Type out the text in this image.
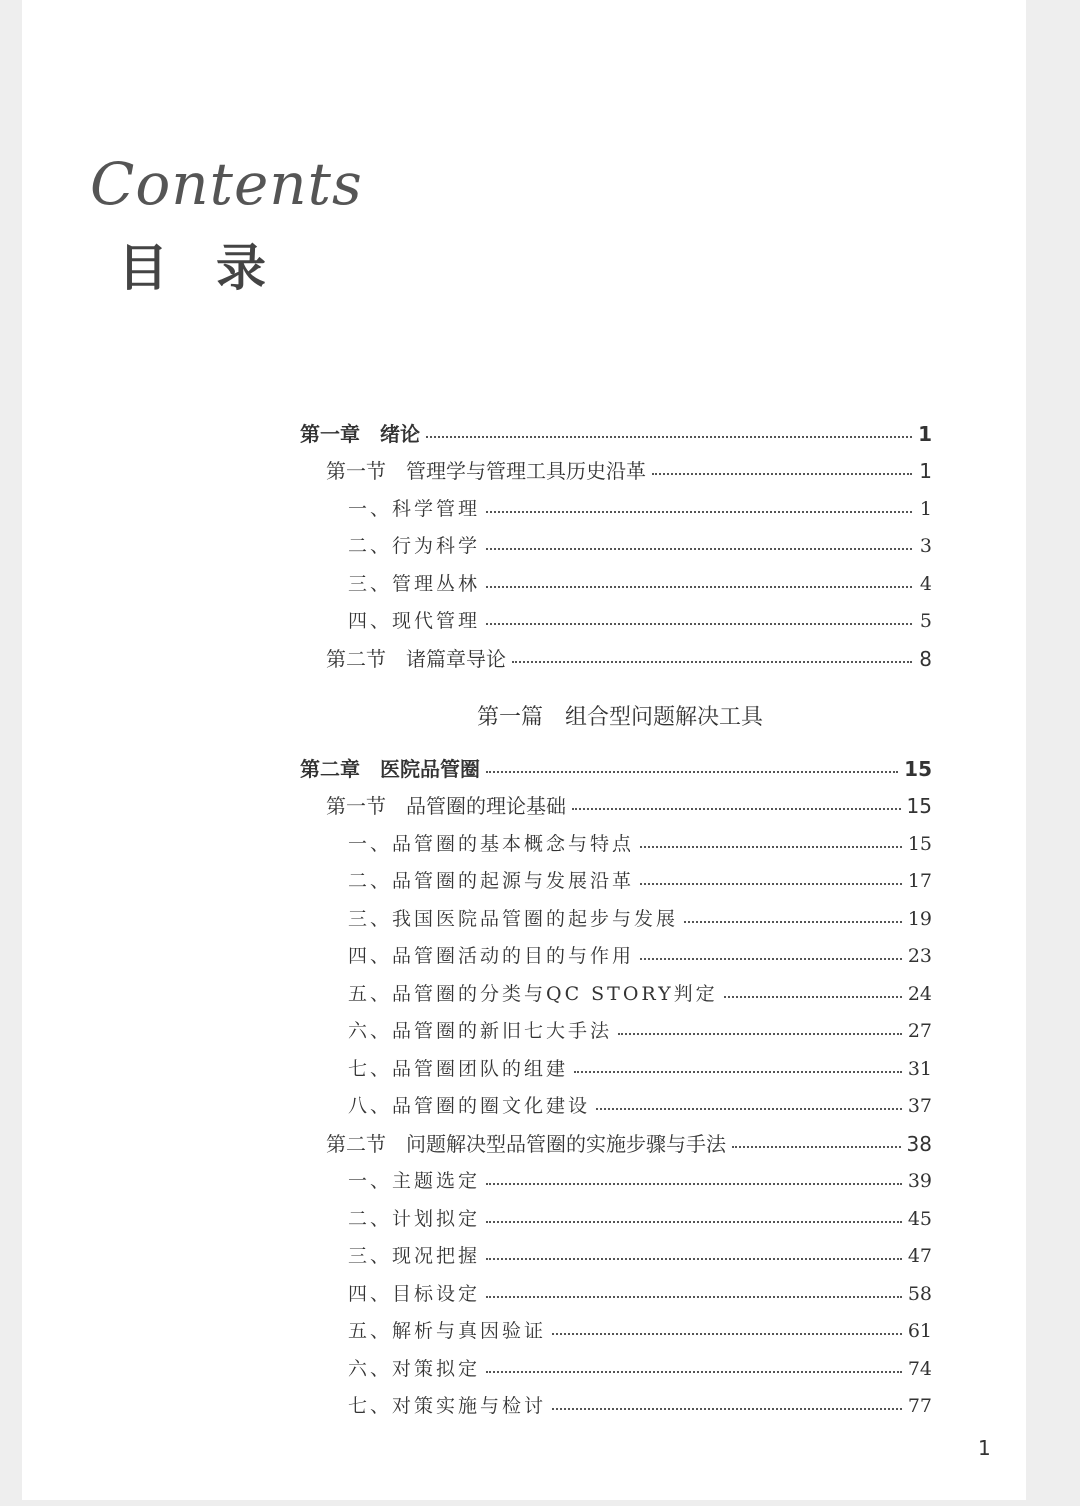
Contents
目录
第一章　绪论	1
第一节　管理学与管理工具历史沿革	1
一、科学管理	1
二、行为科学	3
三、管理丛林	4
四、现代管理	5
第二节　诸篇章导论	8
第一篇　组合型问题解决工具
第二章　医院品管圈	15
第一节　品管圈的理论基础	15
一、品管圈的基本概念与特点	15
二、品管圈的起源与发展沿革	17
三、我国医院品管圈的起步与发展	19
四、品管圈活动的目的与作用	23
五、品管圈的分类与QC STORY判定	24
六、品管圈的新旧七大手法	27
七、品管圈团队的组建	31
八、品管圈的圈文化建设	37
第二节　问题解决型品管圈的实施步骤与手法	38
一、主题选定	39
二、计划拟定	45
三、现况把握	47
四、目标设定	58
五、解析与真因验证	61
六、对策拟定	74
七、对策实施与检讨	77
1
